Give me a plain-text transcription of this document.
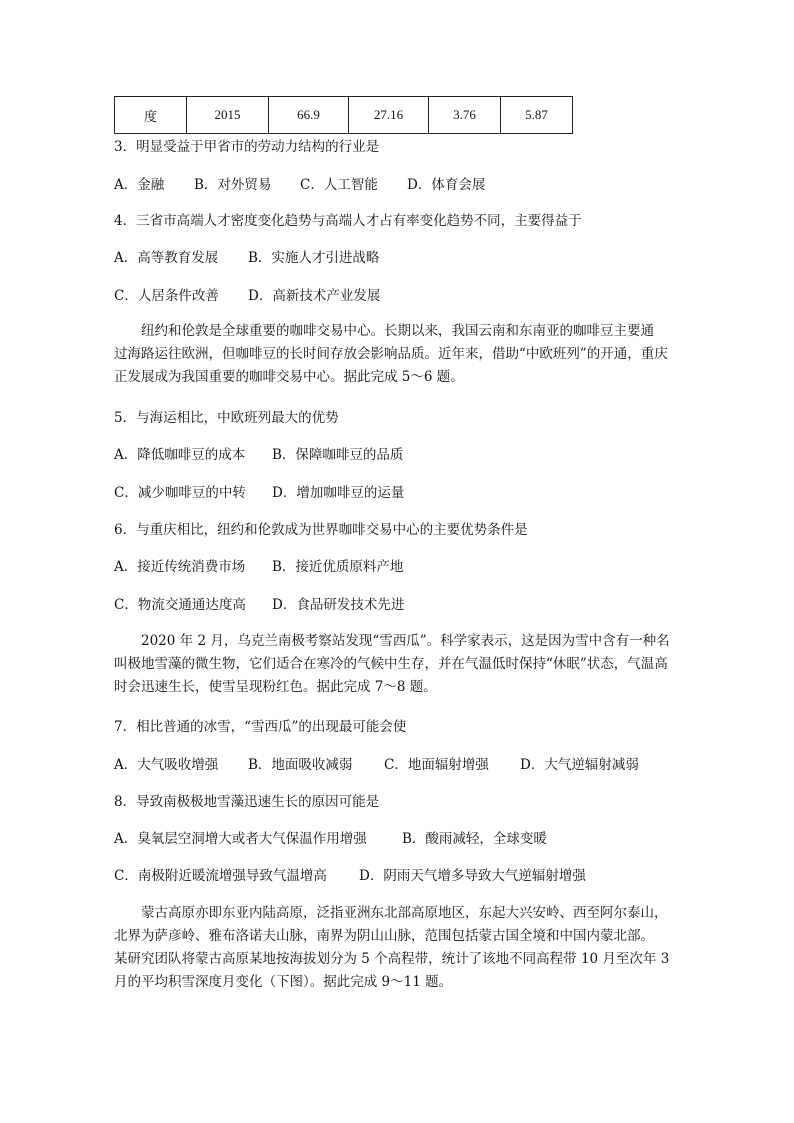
度	2015	66.9	27.16	3.76	5.87
3．明显受益于甲省市的劳动力结构的行业是
A．金融 B．对外贸易 C．人工智能 D．体育会展
4．三省市高端人才密度变化趋势与高端人才占有率变化趋势不同，主要得益于
A．高等教育发展 B．实施人才引进战略
C．人居条件改善 D．高新技术产业发展
纽约和伦敦是全球重要的咖啡交易中心。长期以来，我国云南和东南亚的咖啡豆主要通
过海路运往欧洲，但咖啡豆的长时间存放会影响品质。近年来，借助“中欧班列”的开通，重庆
正发展成为我国重要的咖啡交易中心。据此完成 5～6 题。
5．与海运相比，中欧班列最大的优势
A．降低咖啡豆的成本 B．保障咖啡豆的品质
C．减少咖啡豆的中转 D．增加咖啡豆的运量
6．与重庆相比，纽约和伦敦成为世界咖啡交易中心的主要优势条件是
A．接近传统消费市场 B．接近优质原料产地
C．物流交通通达度高 D．食品研发技术先进
2020 年 2 月，乌克兰南极考察站发现“雪西瓜”。科学家表示，这是因为雪中含有一种名
叫极地雪藻的微生物，它们适合在寒冷的气候中生存，并在气温低时保持“休眠”状态，气温高
时会迅速生长，使雪呈现粉红色。据此完成 7～8 题。
7．相比普通的冰雪，“雪西瓜”的出现最可能会使
A．大气吸收增强 B．地面吸收减弱 C．地面辐射增强 D．大气逆辐射减弱
8．导致南极极地雪藻迅速生长的原因可能是
A．臭氧层空洞增大或者大气保温作用增强	B．酸雨减轻，全球变暖
C．南极附近暖流增强导致气温增高 D．阴雨天气增多导致大气逆辐射增强
蒙古高原亦即东亚内陆高原，泛指亚洲东北部高原地区，东起大兴安岭、西至阿尔泰山，
北界为萨彦岭、雅布洛诺夫山脉，南界为阴山山脉，范围包括蒙古国全境和中国内蒙北部。
某研究团队将蒙古高原某地按海拔划分为 5 个高程带，统计了该地不同高程带 10 月至次年 3
月的平均积雪深度月变化（下图）。据此完成 9～11 题。
